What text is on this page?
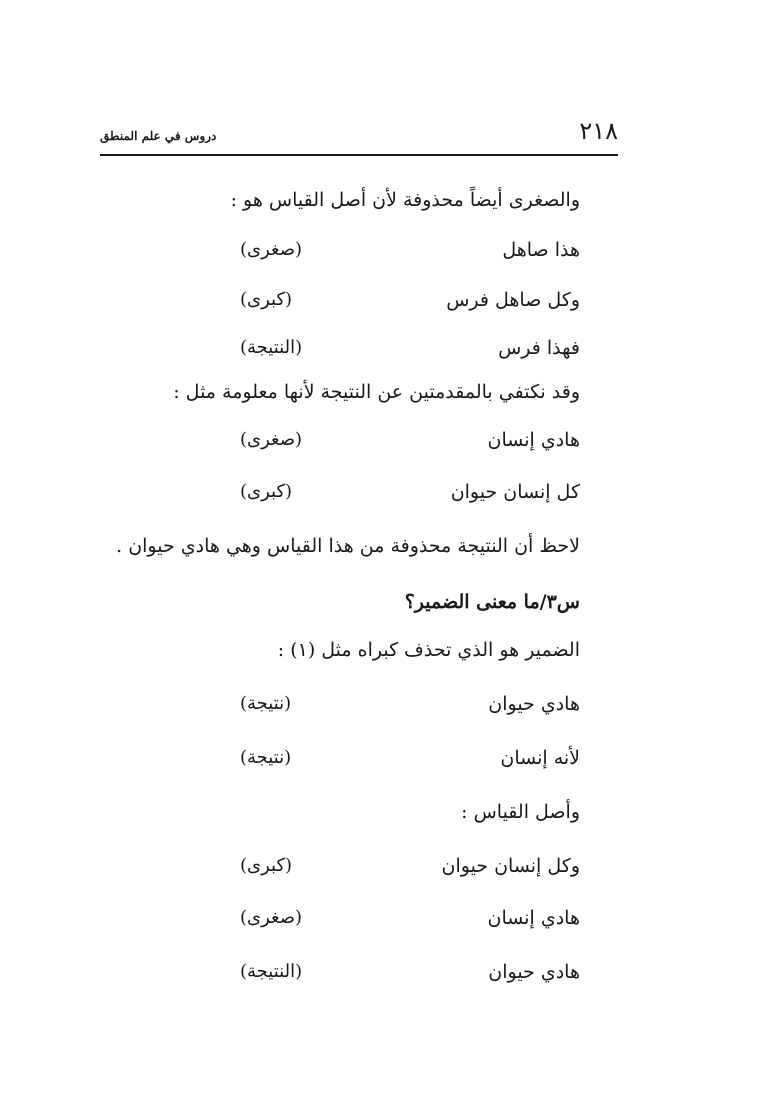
٢١٨
دروس في علم المنطق
والصغرى أيضاً محذوفة لأن أصل القياس هو :
هذا صاهل
(صغرى)
وكل صاهل فرس
(كبرى)
فهذا فرس
(النتيجة)
وقد نكتفي بالمقدمتين عن النتيجة لأنها معلومة مثل :
هادي إنسان
(صغرى)
كل إنسان حيوان
(كبرى)
لاحظ أن النتيجة محذوفة من هذا القياس وهي هادي حيوان .
س٣/ما معنى الضمير؟
الضمير هو الذي تحذف كبراه مثل (١) :
هادي حيوان
(نتيجة)
لأنه إنسان
(نتيجة)
وأصل القياس :
وكل إنسان حيوان
(كبرى)
هادي إنسان
(صغرى)
هادي حيوان
(النتيجة)
